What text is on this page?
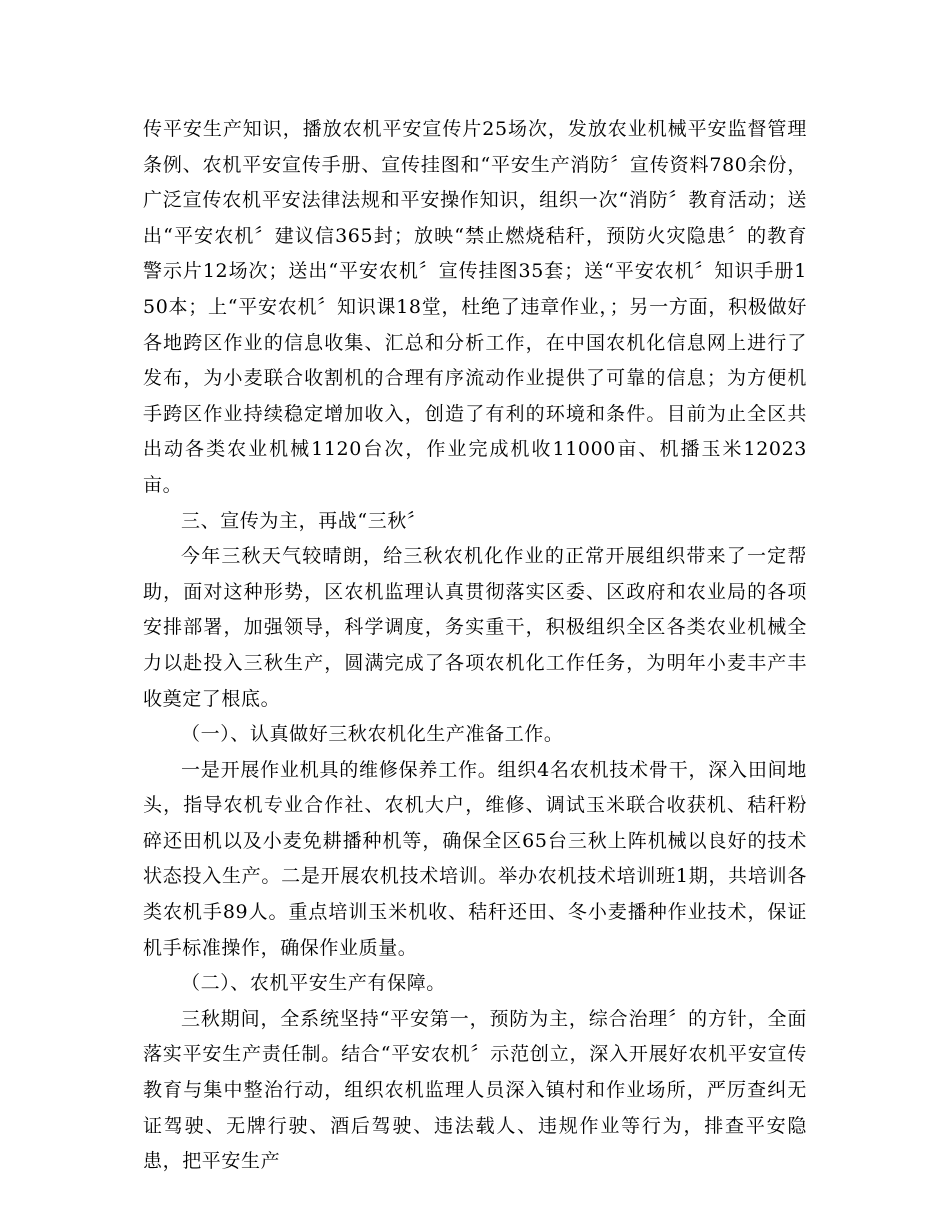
传平安生产知识，播放农机平安宣传片25场次，发放农业机械平安监督管理条例、农机平安宣传手册、宣传挂图和“平安生产消防〞宣传资料780余份，广泛宣传农机平安法律法规和平安操作知识，组织一次“消防〞教育活动；送出“平安农机〞建议信365封；放映“禁止燃烧秸秆，预防火灾隐患〞的教育警示片12场次；送出“平安农机〞宣传挂图35套；送“平安农机〞知识手册150本；上“平安农机〞知识课18堂，杜绝了违章作业，；另一方面，积极做好各地跨区作业的信息收集、汇总和分析工作，在中国农机化信息网上进行了发布，为小麦联合收割机的合理有序流动作业提供了可靠的信息；为方便机手跨区作业持续稳定增加收入，创造了有利的环境和条件。目前为止全区共出动各类农业机械1120台次，作业完成机收11000亩、机播玉米12023亩。

三、宣传为主，再战“三秋〞

今年三秋天气较晴朗，给三秋农机化作业的正常开展组织带来了一定帮助，面对这种形势，区农机监理认真贯彻落实区委、区政府和农业局的各项安排部署，加强领导，科学调度，务实重干，积极组织全区各类农业机械全力以赴投入三秋生产，圆满完成了各项农机化工作任务，为明年小麦丰产丰收奠定了根底。

（一）、认真做好三秋农机化生产准备工作。

一是开展作业机具的维修保养工作。组织4名农机技术骨干，深入田间地头，指导农机专业合作社、农机大户，维修、调试玉米联合收获机、秸秆粉碎还田机以及小麦免耕播种机等，确保全区65台三秋上阵机械以良好的技术状态投入生产。二是开展农机技术培训。举办农机技术培训班1期，共培训各类农机手89人。重点培训玉米机收、秸秆还田、冬小麦播种作业技术，保证机手标准操作，确保作业质量。

（二）、农机平安生产有保障。

三秋期间，全系统坚持“平安第一，预防为主，综合治理〞的方针，全面落实平安生产责任制。结合“平安农机〞示范创立，深入开展好农机平安宣传教育与集中整治行动，组织农机监理人员深入镇村和作业场所，严厉查纠无证驾驶、无牌行驶、酒后驾驶、违法载人、违规作业等行为，排查平安隐患，把平安生产
